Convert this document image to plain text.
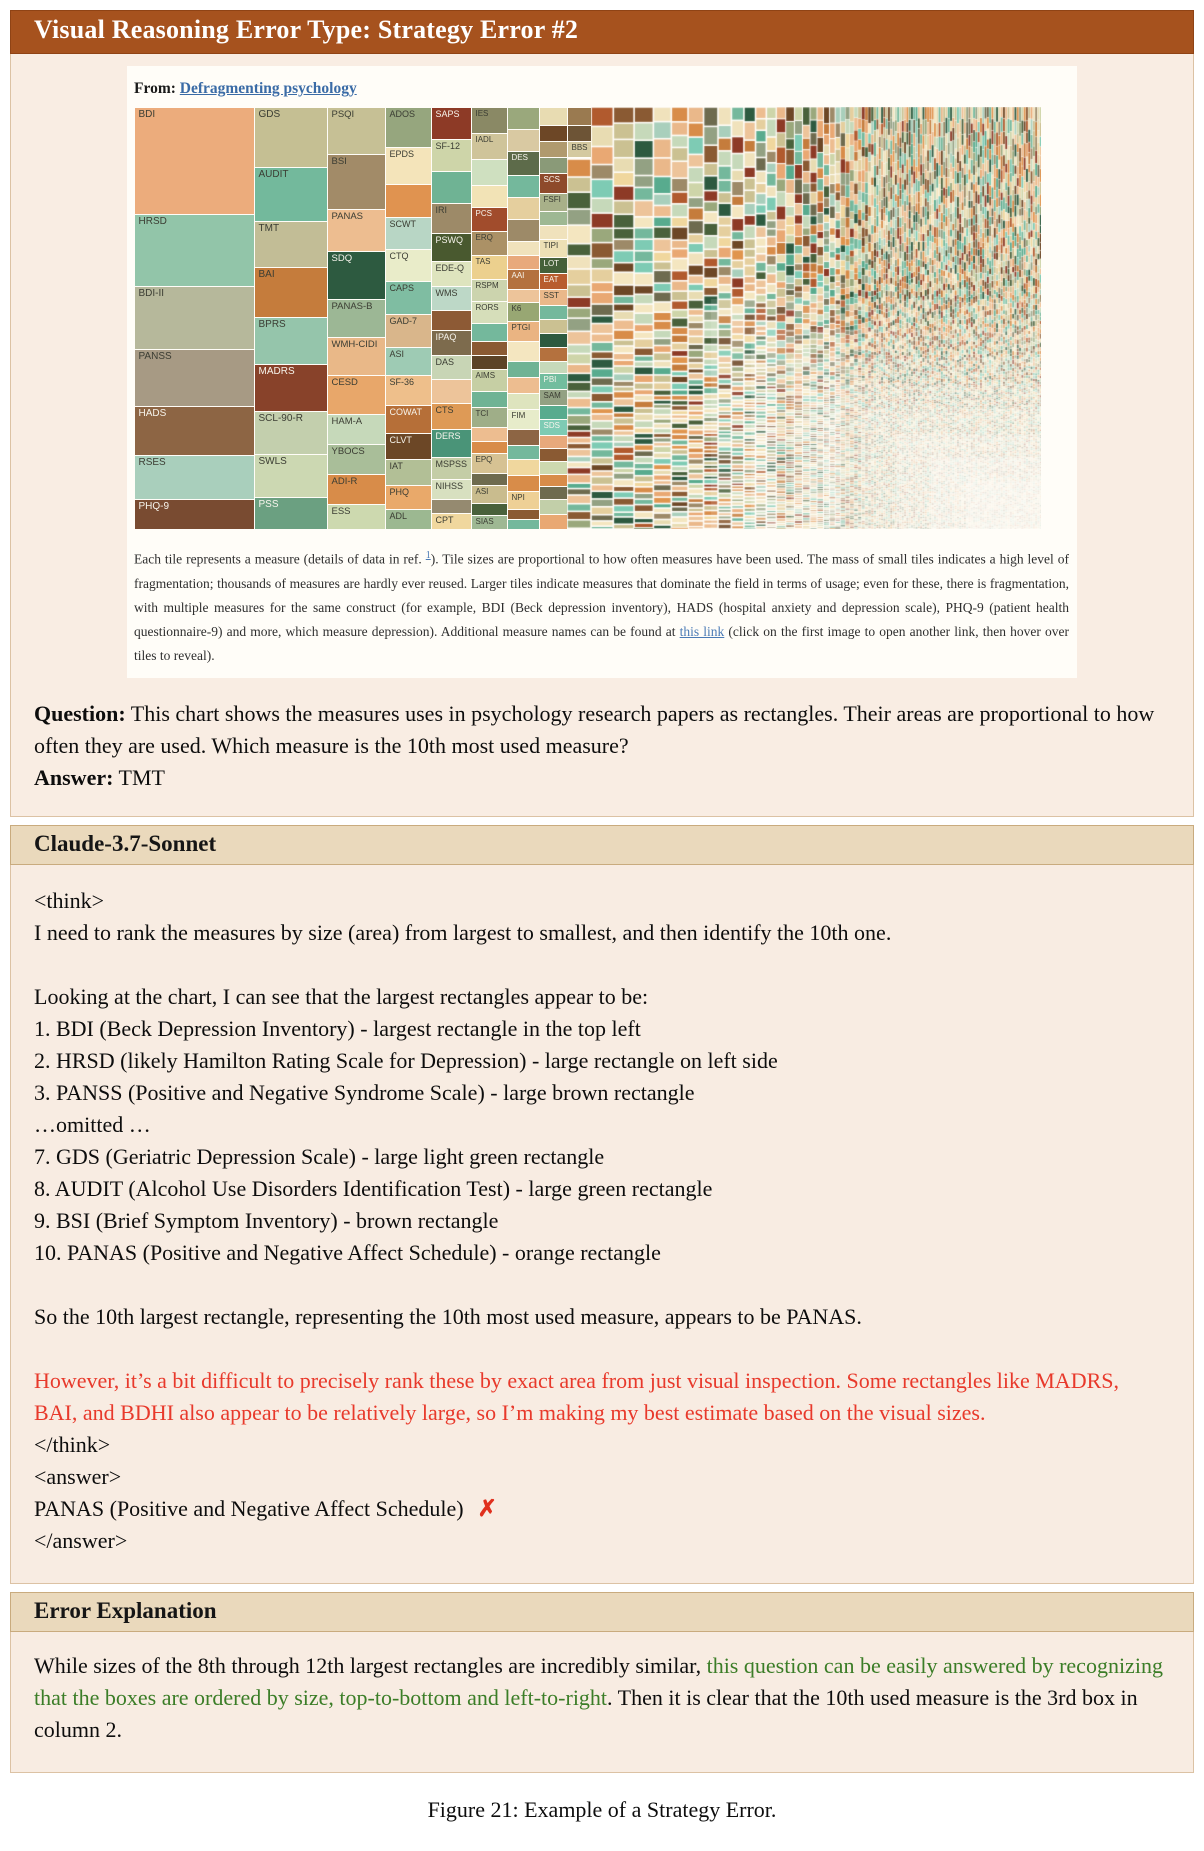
Visual Reasoning Error Type: Strategy Error #2
From: Defragmenting psychology
BDI
HRSD
BDI-II
PANSS
HADS
RSES
PHQ-9
GDS
AUDIT
TMT
BAI
BPRS
MADRS
SCL-90-R
SWLS
PSS
PSQI
BSI
PANAS
SDQ
PANAS-B
WMH-CIDI
CESD
HAM-A
YBOCS
ADI-R
ESS
ADOS
EPDS
SCWT
CTQ
CAPS
GAD-7
ASI
SF-36
COWAT
CLVT
IAT
PHQ
ADL
SAPS
SF-12
IRI
PSWQ
EDE-Q
WMS
IPAQ
DAS
CTS
DERS
MSPSS
NIHSS
CPT
IES
IADL
PCS
ERQ
TAS
RSPM
RORS
AIMS
TCI
EPQ
ASI
SIAS
DES
AAI
K6
PTGI
FIM
NPI
SCS
FSFI
TIPI
LOT
EAT
SST
PBI
SAM
SDS
BBS
Each tile represents a measure (details of data in ref. $^1$). Tile sizes are proportional to how often measures have been used. The mass of small tiles indicates a high level of fragmentation; thousands of measures are hardly ever reused. Larger tiles indicate measures that dominate the field in terms of usage; even for these, there is fragmentation, with multiple measures for the same construct (for example, BDI (Beck depression inventory), HADS (hospital anxiety and depression scale), PHQ-9 (patient health questionnaire-9) and more, which measure depression). Additional measure names can be found at this link (click on the first image to open another link, then hover over tiles to reveal).

Question: This chart shows the measures uses in psychology research papers as rectangles. Their areas are proportional to how often they are used. Which measure is the 10th most used measure?
Answer: TMT

Claude-3.7-Sonnet
<think>
I need to rank the measures by size (area) from largest to smallest, and then identify the 10th one.
Looking at the chart, I can see that the largest rectangles appear to be:
1. BDI (Beck Depression Inventory) - largest rectangle in the top left
2. HRSD (likely Hamilton Rating Scale for Depression) - large rectangle on left side
3. PANSS (Positive and Negative Syndrome Scale) - large brown rectangle
…omitted …
7. GDS (Geriatric Depression Scale) - large light green rectangle
8. AUDIT (Alcohol Use Disorders Identification Test) - large green rectangle
9. BSI (Brief Symptom Inventory) - brown rectangle
10. PANAS (Positive and Negative Affect Schedule) - orange rectangle
So the 10th largest rectangle, representing the 10th most used measure, appears to be PANAS.
However, it’s a bit difficult to precisely rank these by exact area from just visual inspection. Some rectangles like MADRS, BAI, and BDHI also appear to be relatively large, so I’m making my best estimate based on the visual sizes.
</think>
<answer>
PANAS (Positive and Negative Affect Schedule) ✗
</answer>
Error Explanation
While sizes of the 8th through 12th largest rectangles are incredibly similar, this question can be easily answered by recognizing that the boxes are ordered by size, top-to-bottom and left-to-right. Then it is clear that the 10th used measure is the 3rd box in column 2.
Figure 21: Example of a Strategy Error.
